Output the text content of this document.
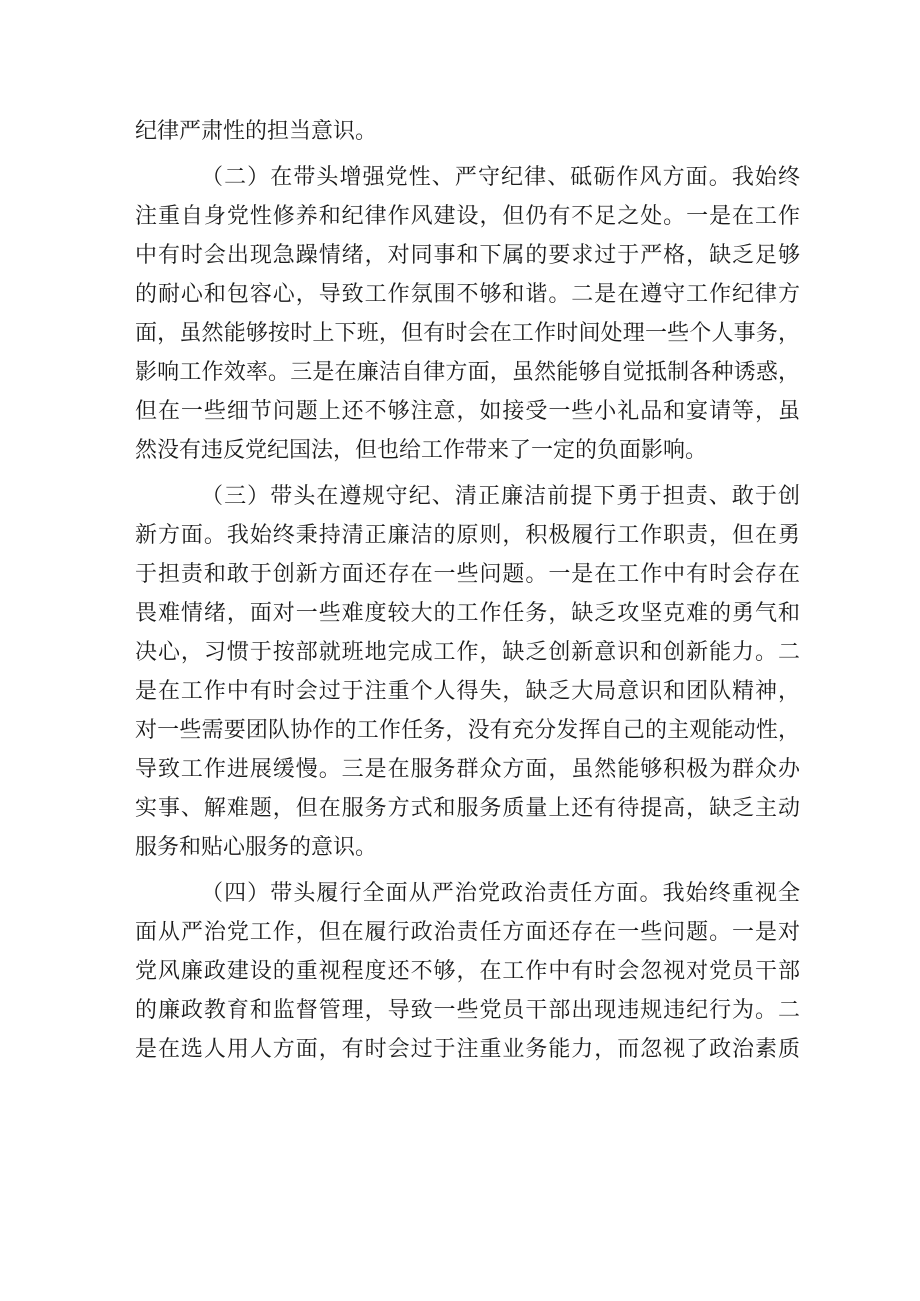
纪律严肃性的担当意识。
（二）在带头增强党性、严守纪律、砥砺作风方面。我始终
注重自身党性修养和纪律作风建设，但仍有不足之处。一是在工作
中有时会出现急躁情绪，对同事和下属的要求过于严格，缺乏足够
的耐心和包容心，导致工作氛围不够和谐。二是在遵守工作纪律方
面，虽然能够按时上下班，但有时会在工作时间处理一些个人事务，
影响工作效率。三是在廉洁自律方面，虽然能够自觉抵制各种诱惑，
但在一些细节问题上还不够注意，如接受一些小礼品和宴请等，虽
然没有违反党纪国法，但也给工作带来了一定的负面影响。
（三）带头在遵规守纪、清正廉洁前提下勇于担责、敢于创
新方面。我始终秉持清正廉洁的原则，积极履行工作职责，但在勇
于担责和敢于创新方面还存在一些问题。一是在工作中有时会存在
畏难情绪，面对一些难度较大的工作任务，缺乏攻坚克难的勇气和
决心，习惯于按部就班地完成工作，缺乏创新意识和创新能力。二
是在工作中有时会过于注重个人得失，缺乏大局意识和团队精神，
对一些需要团队协作的工作任务，没有充分发挥自己的主观能动性，
导致工作进展缓慢。三是在服务群众方面，虽然能够积极为群众办
实事、解难题，但在服务方式和服务质量上还有待提高，缺乏主动
服务和贴心服务的意识。
（四）带头履行全面从严治党政治责任方面。我始终重视全
面从严治党工作，但在履行政治责任方面还存在一些问题。一是对
党风廉政建设的重视程度还不够，在工作中有时会忽视对党员干部
的廉政教育和监督管理，导致一些党员干部出现违规违纪行为。二
是在选人用人方面，有时会过于注重业务能力，而忽视了政治素质
